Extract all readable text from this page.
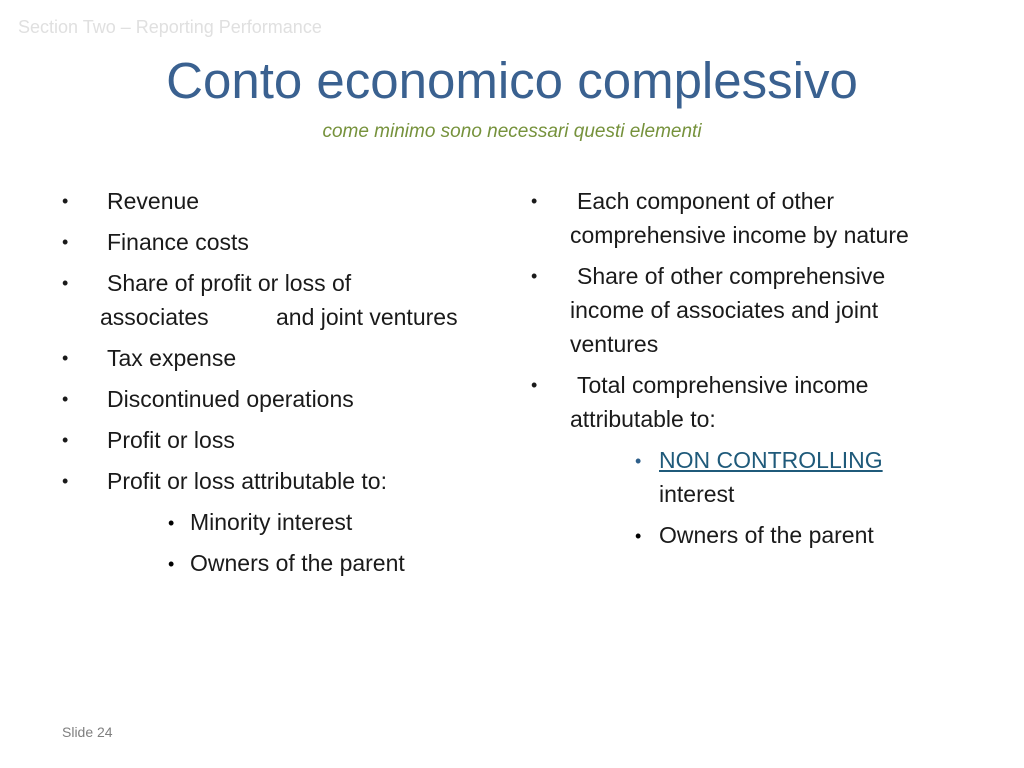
Section Two – Reporting Performance
Conto economico complessivo
come minimo sono necessari questi elementi
• Revenue
• Finance costs
• Share of profit or loss of
associates	and joint ventures
• Tax expense
• Discontinued operations
• Profit or loss
• Profit or loss attributable to:
• Minority interest
• Owners of the parent
• Each component of other
comprehensive income by nature
• Share of other comprehensive
income of associates and joint
ventures
• Total comprehensive income
attributable to:
• NON CONTROLLING
interest
• Owners of the parent
Slide 24
